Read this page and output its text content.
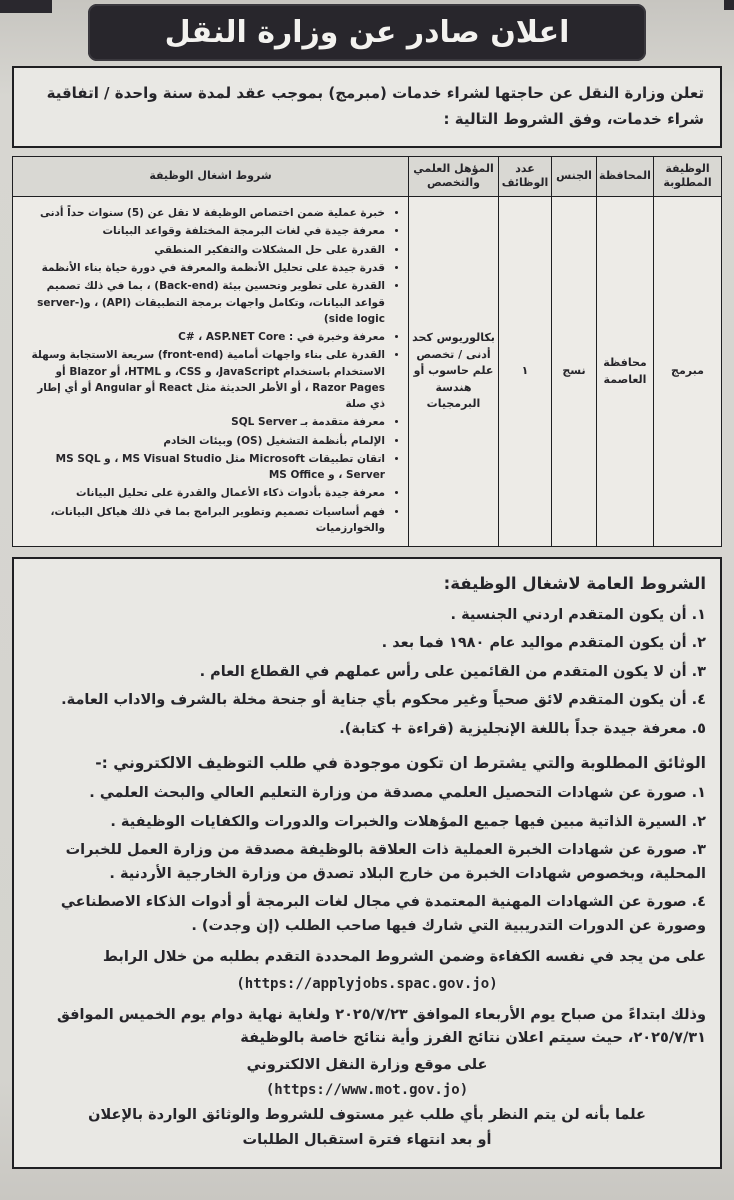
اعلان صادر عن وزارة النقل
تعلن وزارة النقل عن حاجتها لشراء خدمات (مبرمج) بموجب عقد لمدة سنة واحدة / اتفاقية شراء خدمات، وفق الشروط التالية :
الوظيفة المطلوبة	المحافظة	الجنس	عدد الوظائف	المؤهل العلمي والتخصص	شروط اشغال الوظيفة
مبرمج	محافظة العاصمة	نسج	١	بكالوريوس كحد أدنى / تخصص علم حاسوب أو هندسة البرمجيات	
• خبرة عملية ضمن اختصاص الوظيفة لا تقل عن (5) سنوات حداً أدنى
• معرفة جيدة في لغات البرمجة المختلفة وقواعد البيانات
• القدرة على حل المشكلات والتفكير المنطقي
• قدرة جيدة على تحليل الأنظمة والمعرفة في دورة حياة بناء الأنظمة
• القدرة على تطوير وتحسين بيئة (Back-end) ، بما في ذلك تصميم قواعد البيانات، وتكامل واجهات برمجة التطبيقات (API) ، و(server-side logic)
• معرفة وخبرة في : C# ، ASP.NET Core
• القدرة على بناء واجهات أمامية (front-end) سريعة الاستجابة وسهلة الاستخدام باستخدام JavaScript، و CSS، و HTML، أو Blazor أو Razor Pages ، أو الأطر الحديثة مثل React أو Angular أو أي إطار ذي صلة
• معرفة متقدمة بـ SQL Server
• الإلمام بأنظمة التشغيل (OS) وبيئات الخادم
• اتقان تطبيقات Microsoft مثل MS Visual Studio ، و MS SQL Server ، و MS Office
• معرفة جيدة بأدوات ذكاء الأعمال والقدرة على تحليل البيانات
• فهم أساسيات تصميم وتطوير البرامج بما في ذلك هياكل البيانات، والخوارزميات
الشروط العامة لاشغال الوظيفة:

١. أن يكون المتقدم اردني الجنسية .

٢. أن يكون المتقدم مواليد عام ١٩٨٠ فما بعد .

٣. أن لا يكون المتقدم من القائمين على رأس عملهم في القطاع العام .

٤. أن يكون المتقدم لائق صحياً وغير محكوم بأي جناية أو جنحة مخلة بالشرف والاداب العامة.

٥. معرفة جيدة جداً باللغة الإنجليزية (قراءة + كتابة).

الوثائق المطلوبة والتي يشترط ان تكون موجودة في طلب التوظيف الالكتروني :-

١. صورة عن شهادات التحصيل العلمي مصدقة من وزارة التعليم العالي والبحث العلمي .

٢. السيرة الذاتية مبين فيها جميع المؤهلات والخبرات والدورات والكفايات الوظيفية .

٣. صورة عن شهادات الخبرة العملية ذات العلاقة بالوظيفة مصدقة من وزارة العمل للخبرات المحلية، وبخصوص شهادات الخبرة من خارج البلاد تصدق من وزارة الخارجية الأردنية .

٤. صورة عن الشهادات المهنية المعتمدة في مجال لغات البرمجة أو أدوات الذكاء الاصطناعي وصورة عن الدورات التدريبية التي شارك فيها صاحب الطلب (إن وجدت) .

على من يجد في نفسه الكفاءة وضمن الشروط المحددة التقدم بطلبه من خلال الرابط

(https://applyjobs.spac.gov.jo)

وذلك ابتداءً من صباح يوم الأربعاء الموافق ٢٠٢٥/٧/٢٣ ولغاية نهاية دوام يوم الخميس الموافق ٢٠٢٥/٧/٣١، حيث سيتم اعلان نتائج الفرز وأية نتائج خاصة بالوظيفة

على موقع وزارة النقل الالكتروني

(https://www.mot.gov.jo)

علما بأنه لن يتم النظر بأي طلب غير مستوف للشروط والوثائق الواردة بالإعلان

أو بعد انتهاء فترة استقبال الطلبات
